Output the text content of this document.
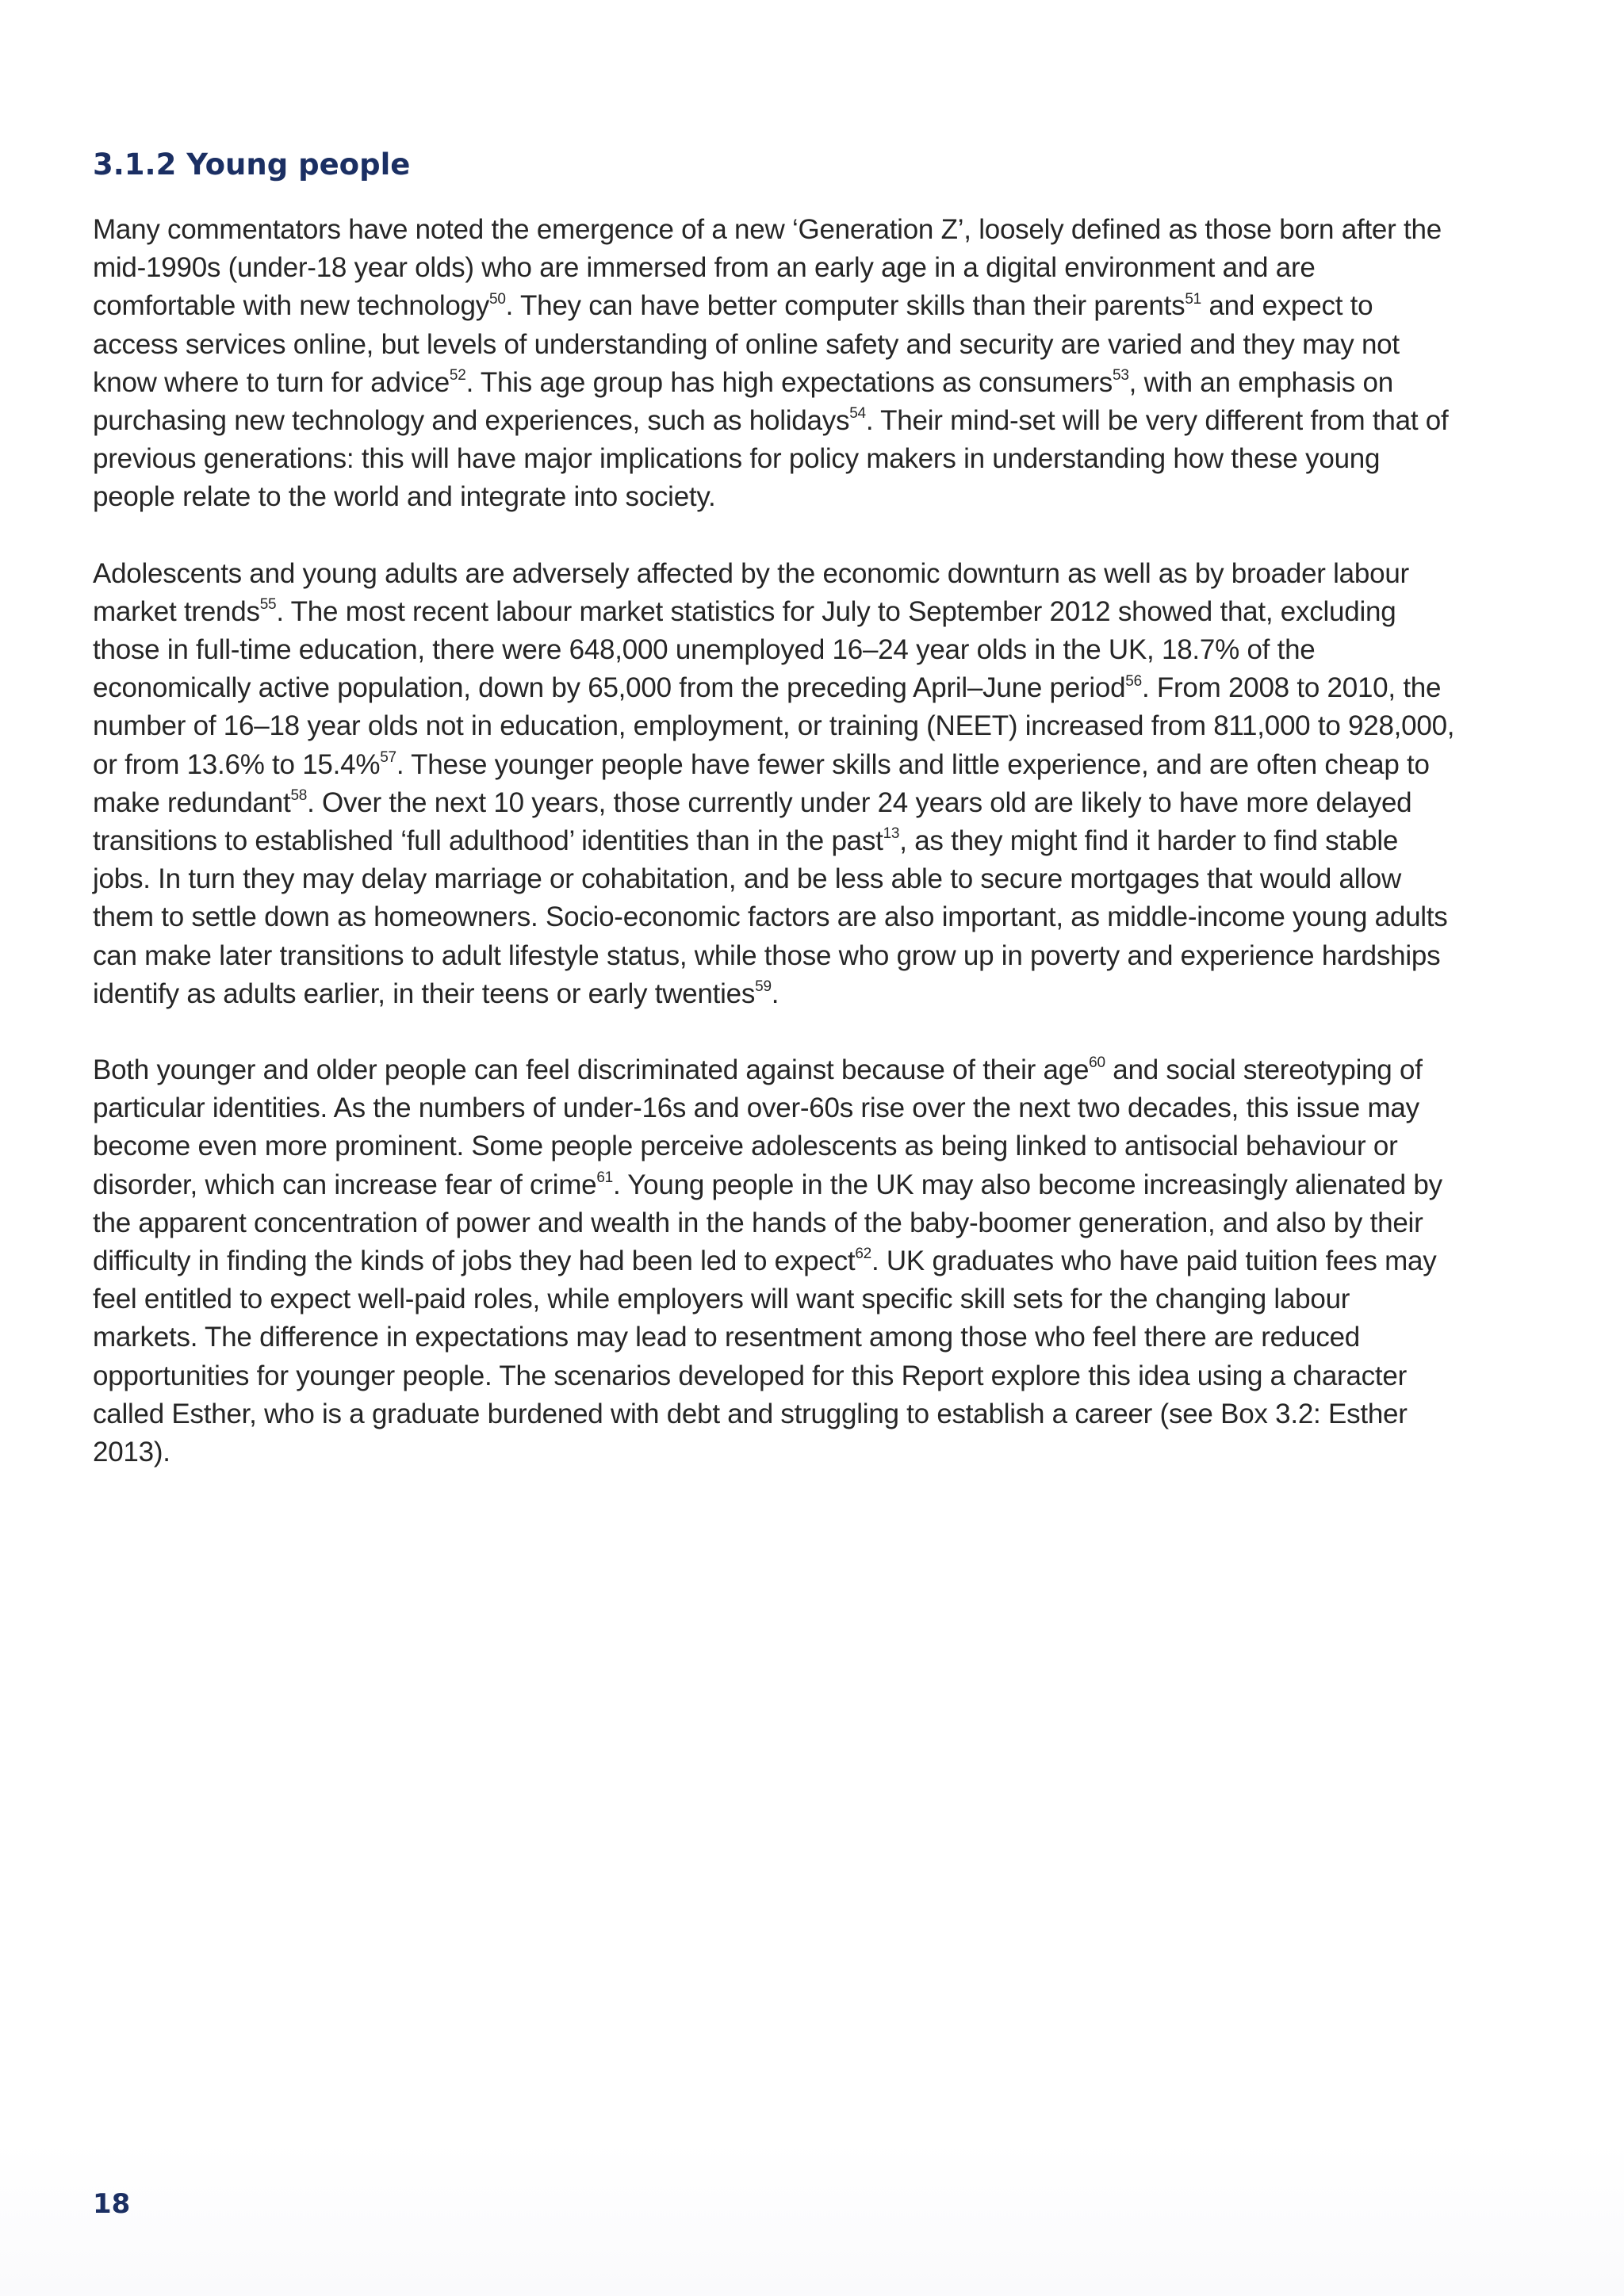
3.1.2 Young people

Many commentators have noted the emergence of a new ‘Generation Z’, loosely defined as those born after the mid-1990s (under-18 year olds) who are immersed from an early age in a digital environment and are comfortable with new technology$^{50}$. They can have better computer skills than their parents$^{51}$ and expect to access services online, but levels of understanding of online safety and security are varied and they may not know where to turn for advice$^{52}$. This age group has high expectations as consumers$^{53}$, with an emphasis on purchasing new technology and experiences, such as holidays$^{54}$. Their mind-set will be very different from that of previous generations: this will have major implications for policy makers in understanding how these young people relate to the world and integrate into society.

Adolescents and young adults are adversely affected by the economic downturn as well as by broader labour market trends$^{55}$. The most recent labour market statistics for July to September 2012 showed that, excluding those in full-time education, there were 648,000 unemployed 16–24 year olds in the UK, 18.7% of the economically active population, down by 65,000 from the preceding April–June period$^{56}$. From 2008 to 2010, the number of 16–18 year olds not in education, employment, or training (NEET) increased from 811,000 to 928,000, or from 13.6% to 15.4%$^{57}$. These younger people have fewer skills and little experience, and are often cheap to make redundant$^{58}$. Over the next 10 years, those currently under 24 years old are likely to have more delayed transitions to established ‘full adulthood’ identities than in the past$^{13}$, as they might find it harder to find stable jobs. In turn they may delay marriage or cohabitation, and be less able to secure mortgages that would allow them to settle down as homeowners. Socio-economic factors are also important, as middle-income young adults can make later transitions to adult lifestyle status, while those who grow up in poverty and experience hardships identify as adults earlier, in their teens or early twenties$^{59}$.

Both younger and older people can feel discriminated against because of their age$^{60}$ and social stereotyping of particular identities. As the numbers of under-16s and over-60s rise over the next two decades, this issue may become even more prominent. Some people perceive adolescents as being linked to antisocial behaviour or disorder, which can increase fear of crime$^{61}$. Young people in the UK may also become increasingly alienated by the apparent concentration of power and wealth in the hands of the baby-boomer generation, and also by their difficulty in finding the kinds of jobs they had been led to expect$^{62}$. UK graduates who have paid tuition fees may feel entitled to expect well-paid roles, while employers will want specific skill sets for the changing labour markets. The difference in expectations may lead to resentment among those who feel there are reduced opportunities for younger people. The scenarios developed for this Report explore this idea using a character called Esther, who is a graduate burdened with debt and struggling to establish a career (see Box 3.2: Esther 2013).

18
